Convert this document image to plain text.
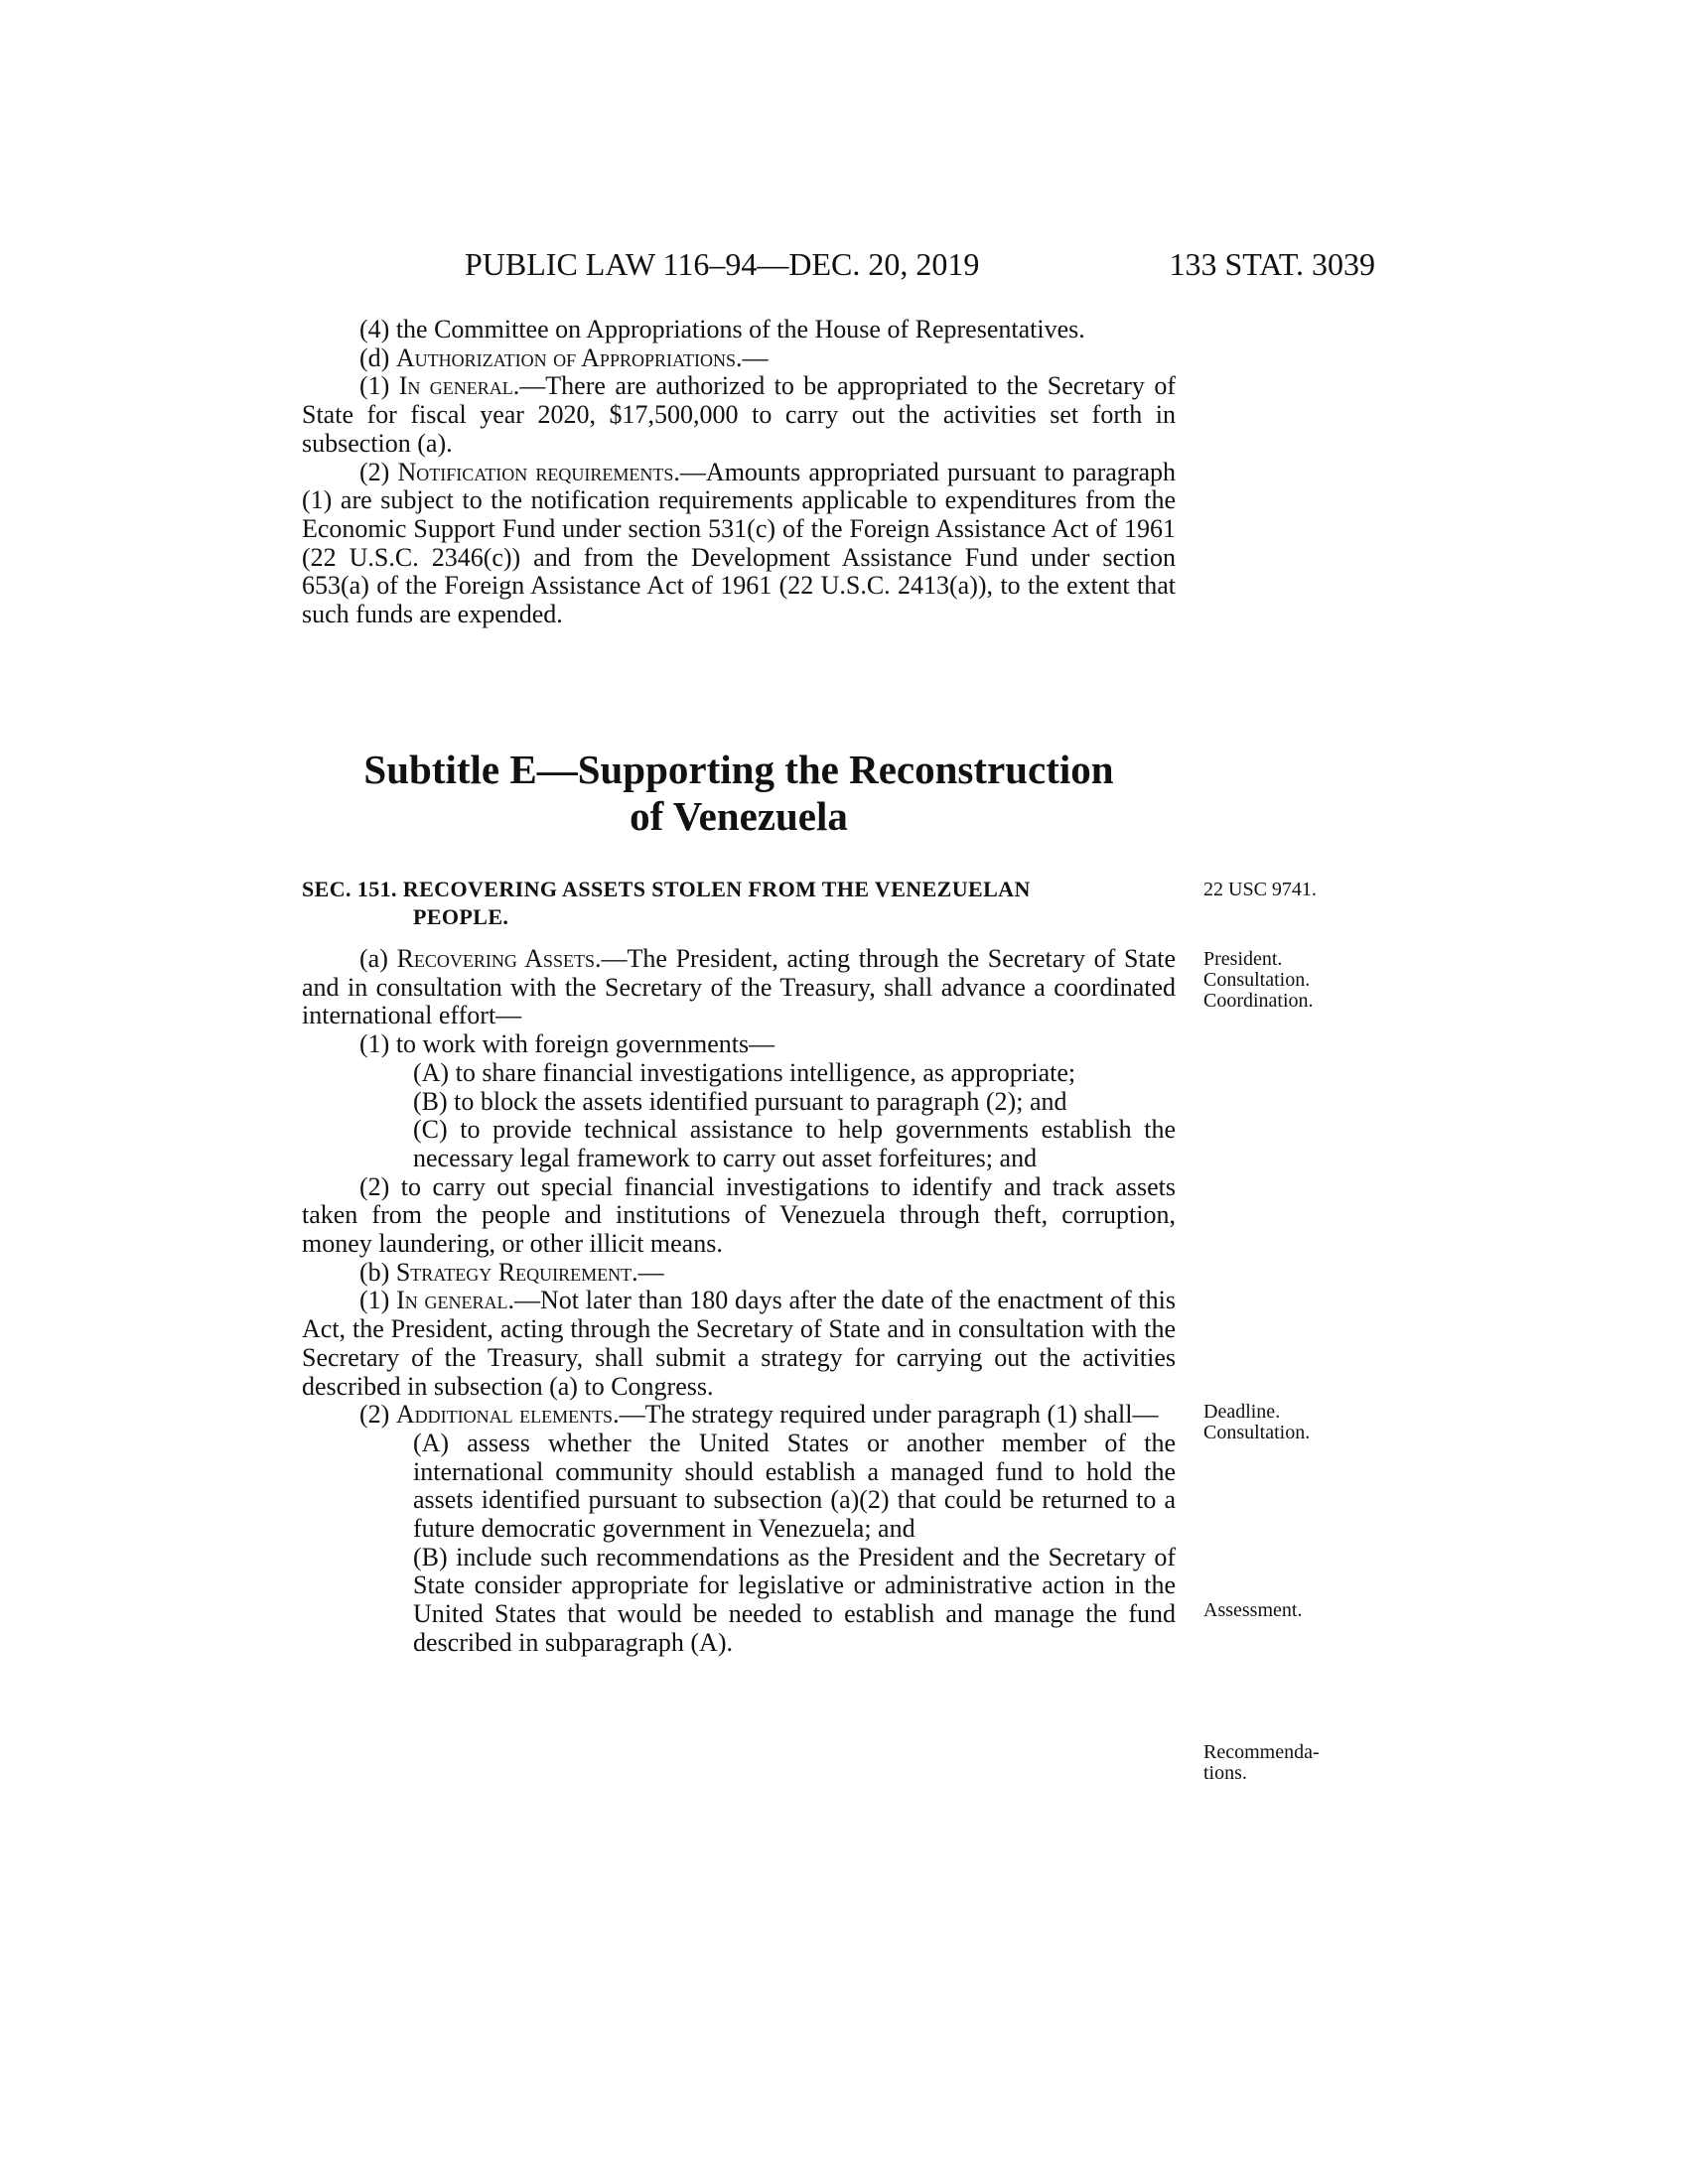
PUBLIC LAW 116–94—DEC. 20, 2019	133 STAT. 3039

(4) the Committee on Appropriations of the House of Representatives.

(d) Authorization of Appropriations.—

(1) In general.—There are authorized to be appropriated to the Secretary of State for fiscal year 2020, $17,500,000 to carry out the activities set forth in subsection (a).

(2) Notification requirements.—Amounts appropriated pursuant to paragraph (1) are subject to the notification requirements applicable to expenditures from the Economic Support Fund under section 531(c) of the Foreign Assistance Act of 1961 (22 U.S.C. 2346(c)) and from the Development Assistance Fund under section 653(a) of the Foreign Assistance Act of 1961 (22 U.S.C. 2413(a)), to the extent that such funds are expended.

Subtitle E—Supporting the Reconstruction
of Venezuela
SEC. 151. RECOVERING ASSETS STOLEN FROM THE VENEZUELAN
PEOPLE.

(a) Recovering Assets.—The President, acting through the Secretary of State and in consultation with the Secretary of the Treasury, shall advance a coordinated international effort—

(1) to work with foreign governments—

(A) to share financial investigations intelligence, as appropriate;

(B) to block the assets identified pursuant to paragraph (2); and

(C) to provide technical assistance to help governments establish the necessary legal framework to carry out asset forfeitures; and

(2) to carry out special financial investigations to identify and track assets taken from the people and institutions of Venezuela through theft, corruption, money laundering, or other illicit means.

(b) Strategy Requirement.—

(1) In general.—Not later than 180 days after the date of the enactment of this Act, the President, acting through the Secretary of State and in consultation with the Secretary of the Treasury, shall submit a strategy for carrying out the activities described in subsection (a) to Congress.

(2) Additional elements.—The strategy required under paragraph (1) shall—

(A) assess whether the United States or another member of the international community should establish a managed fund to hold the assets identified pursuant to subsection (a)(2) that could be returned to a future democratic government in Venezuela; and

(B) include such recommendations as the President and the Secretary of State consider appropriate for legislative or administrative action in the United States that would be needed to establish and manage the fund described in subparagraph (A).

22 USC 9741.
President.
Consultation.
Coordination.
Deadline.
Consultation.
Assessment.
Recommenda-
tions.
